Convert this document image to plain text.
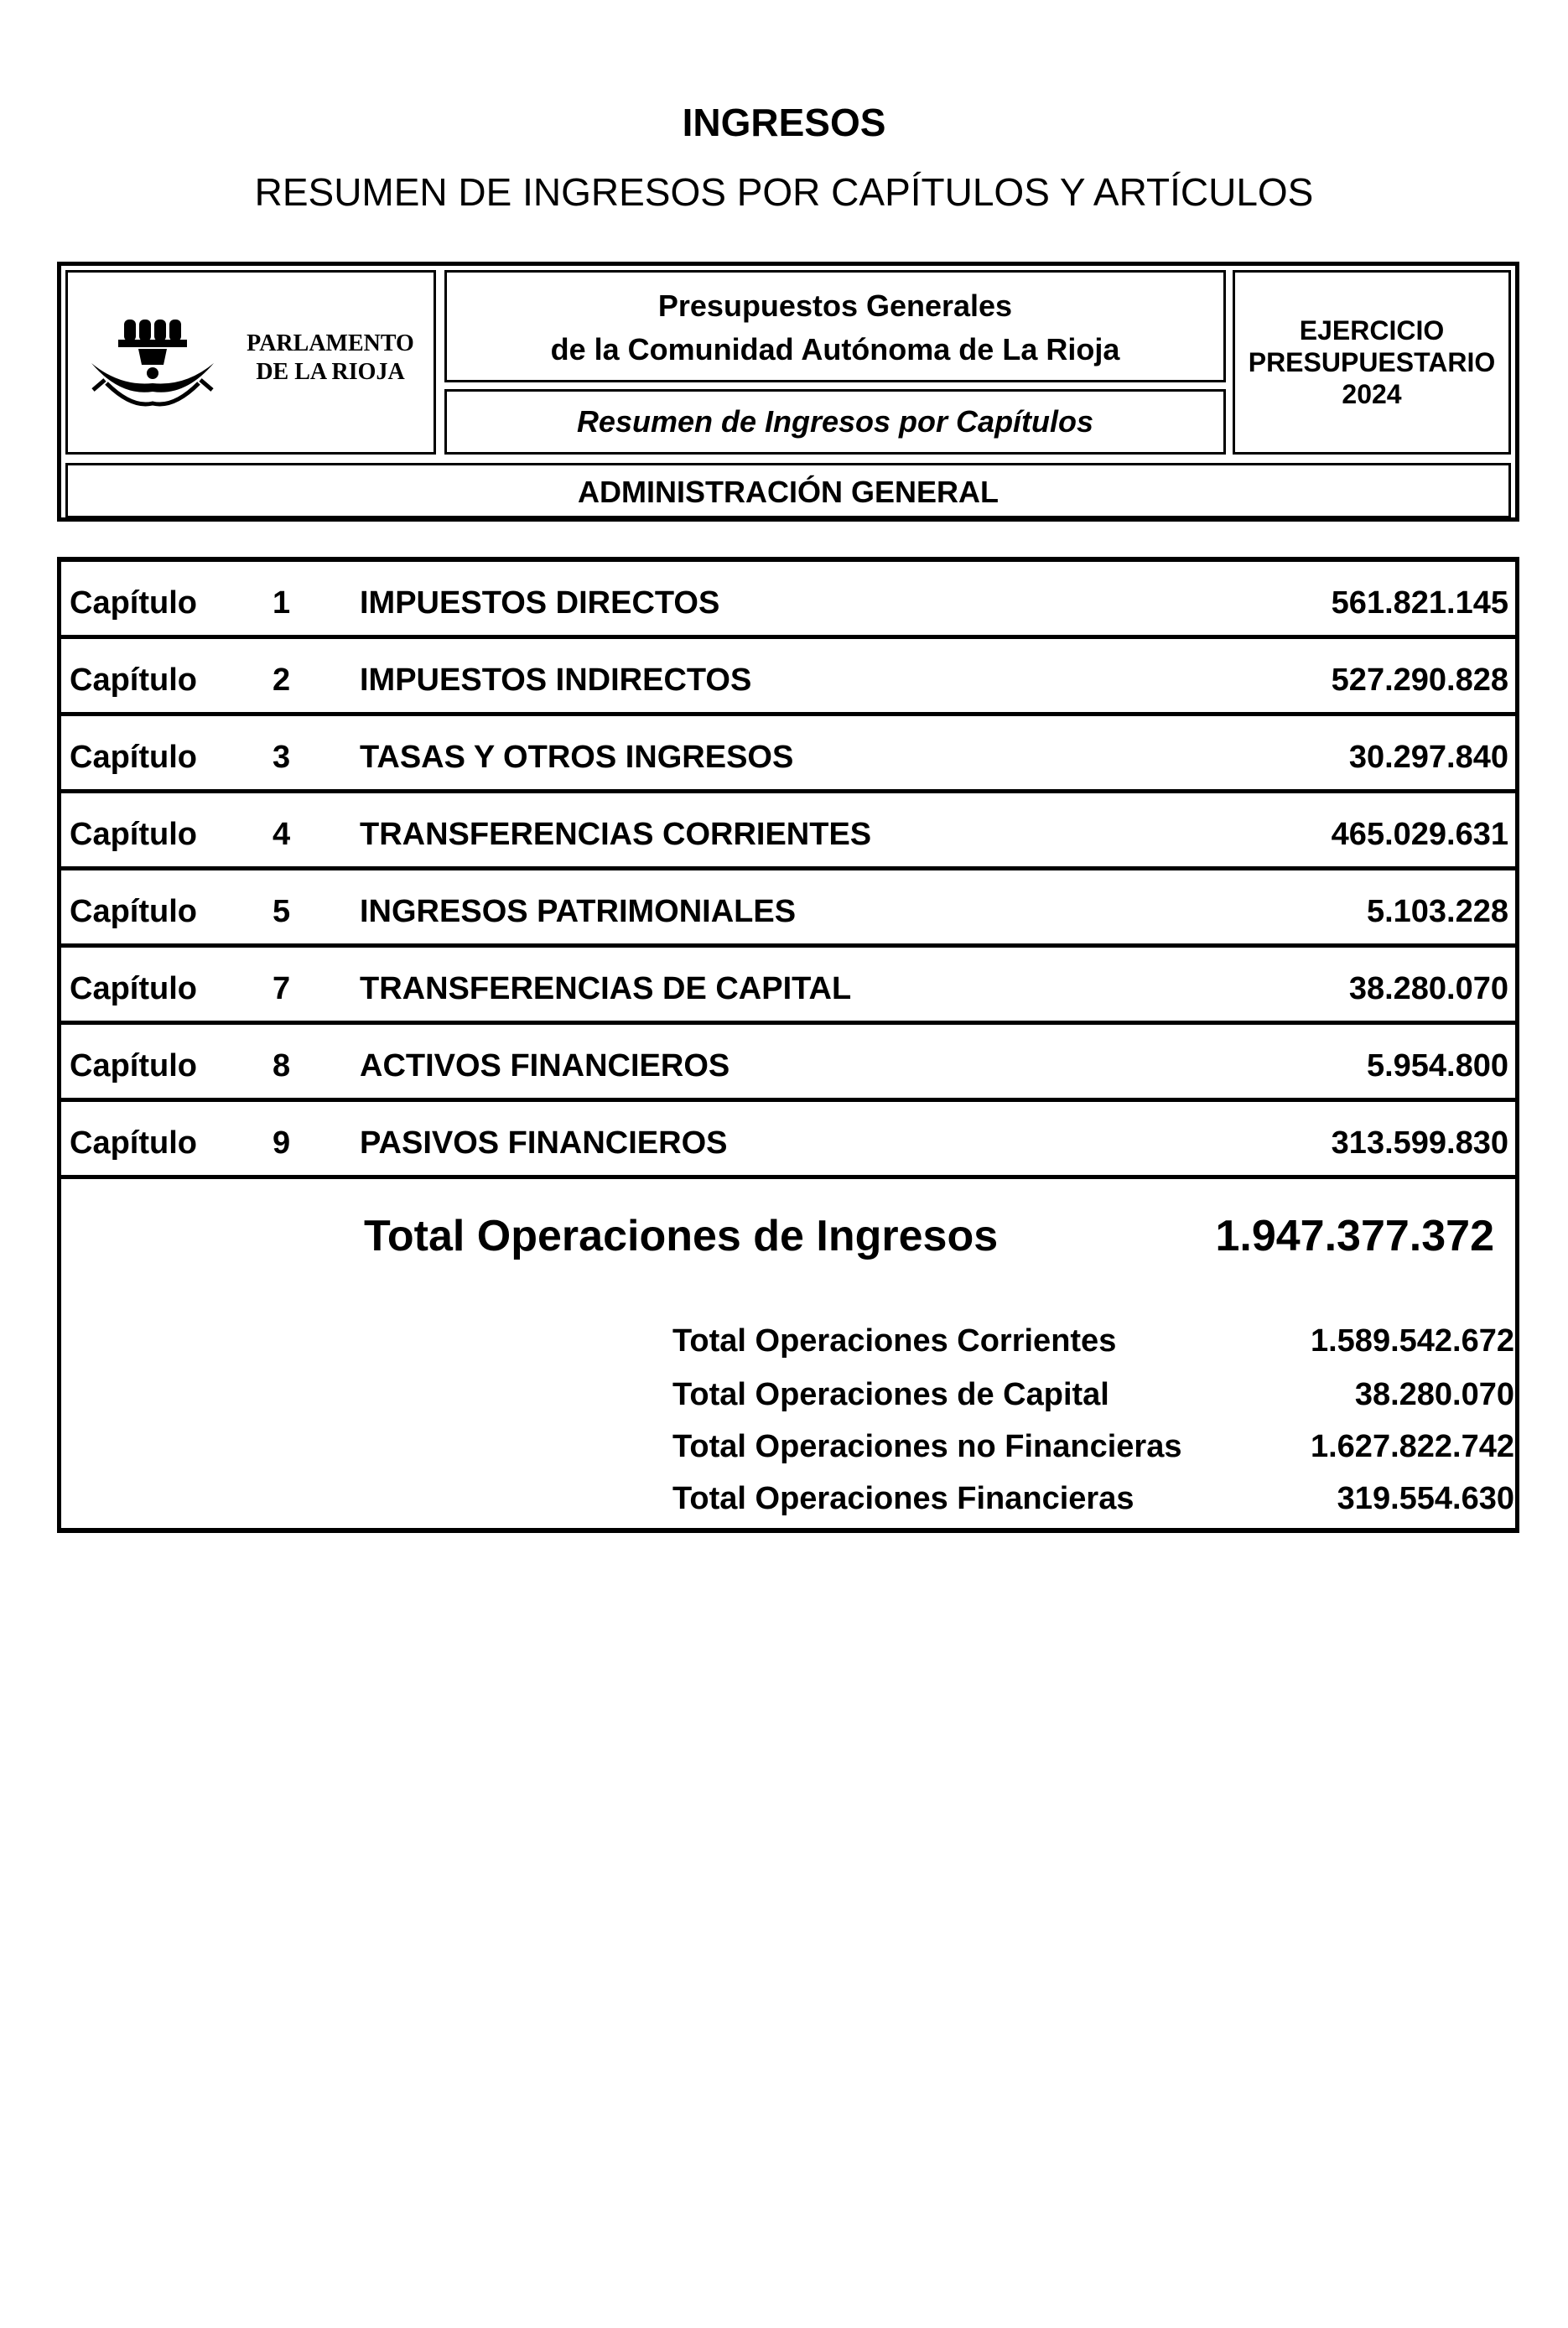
INGRESOS
RESUMEN DE INGRESOS POR CAPÍTULOS Y ARTÍCULOS
PARLAMENTO
DE LA RIOJA
Presupuestos Generales
de la Comunidad Autónoma de La Rioja
Resumen de Ingresos por Capítulos
EJERCICIO
PRESUPUESTARIO
2024
ADMINISTRACIÓN GENERAL
Capítulo 1 IMPUESTOS DIRECTOS	561.821.145
Capítulo 2 IMPUESTOS INDIRECTOS	527.290.828
Capítulo 3 TASAS Y OTROS INGRESOS	30.297.840
Capítulo 4 TRANSFERENCIAS CORRIENTES	465.029.631
Capítulo 5 INGRESOS PATRIMONIALES	5.103.228
Capítulo 7 TRANSFERENCIAS DE CAPITAL	38.280.070
Capítulo 8 ACTIVOS FINANCIEROS	5.954.800
Capítulo 9 PASIVOS FINANCIEROS	313.599.830
Total Operaciones de Ingresos	1.947.377.372
Total Operaciones Corrientes	1.589.542.672
Total Operaciones de Capital	38.280.070
Total Operaciones no Financieras	1.627.822.742
Total Operaciones Financieras	319.554.630
